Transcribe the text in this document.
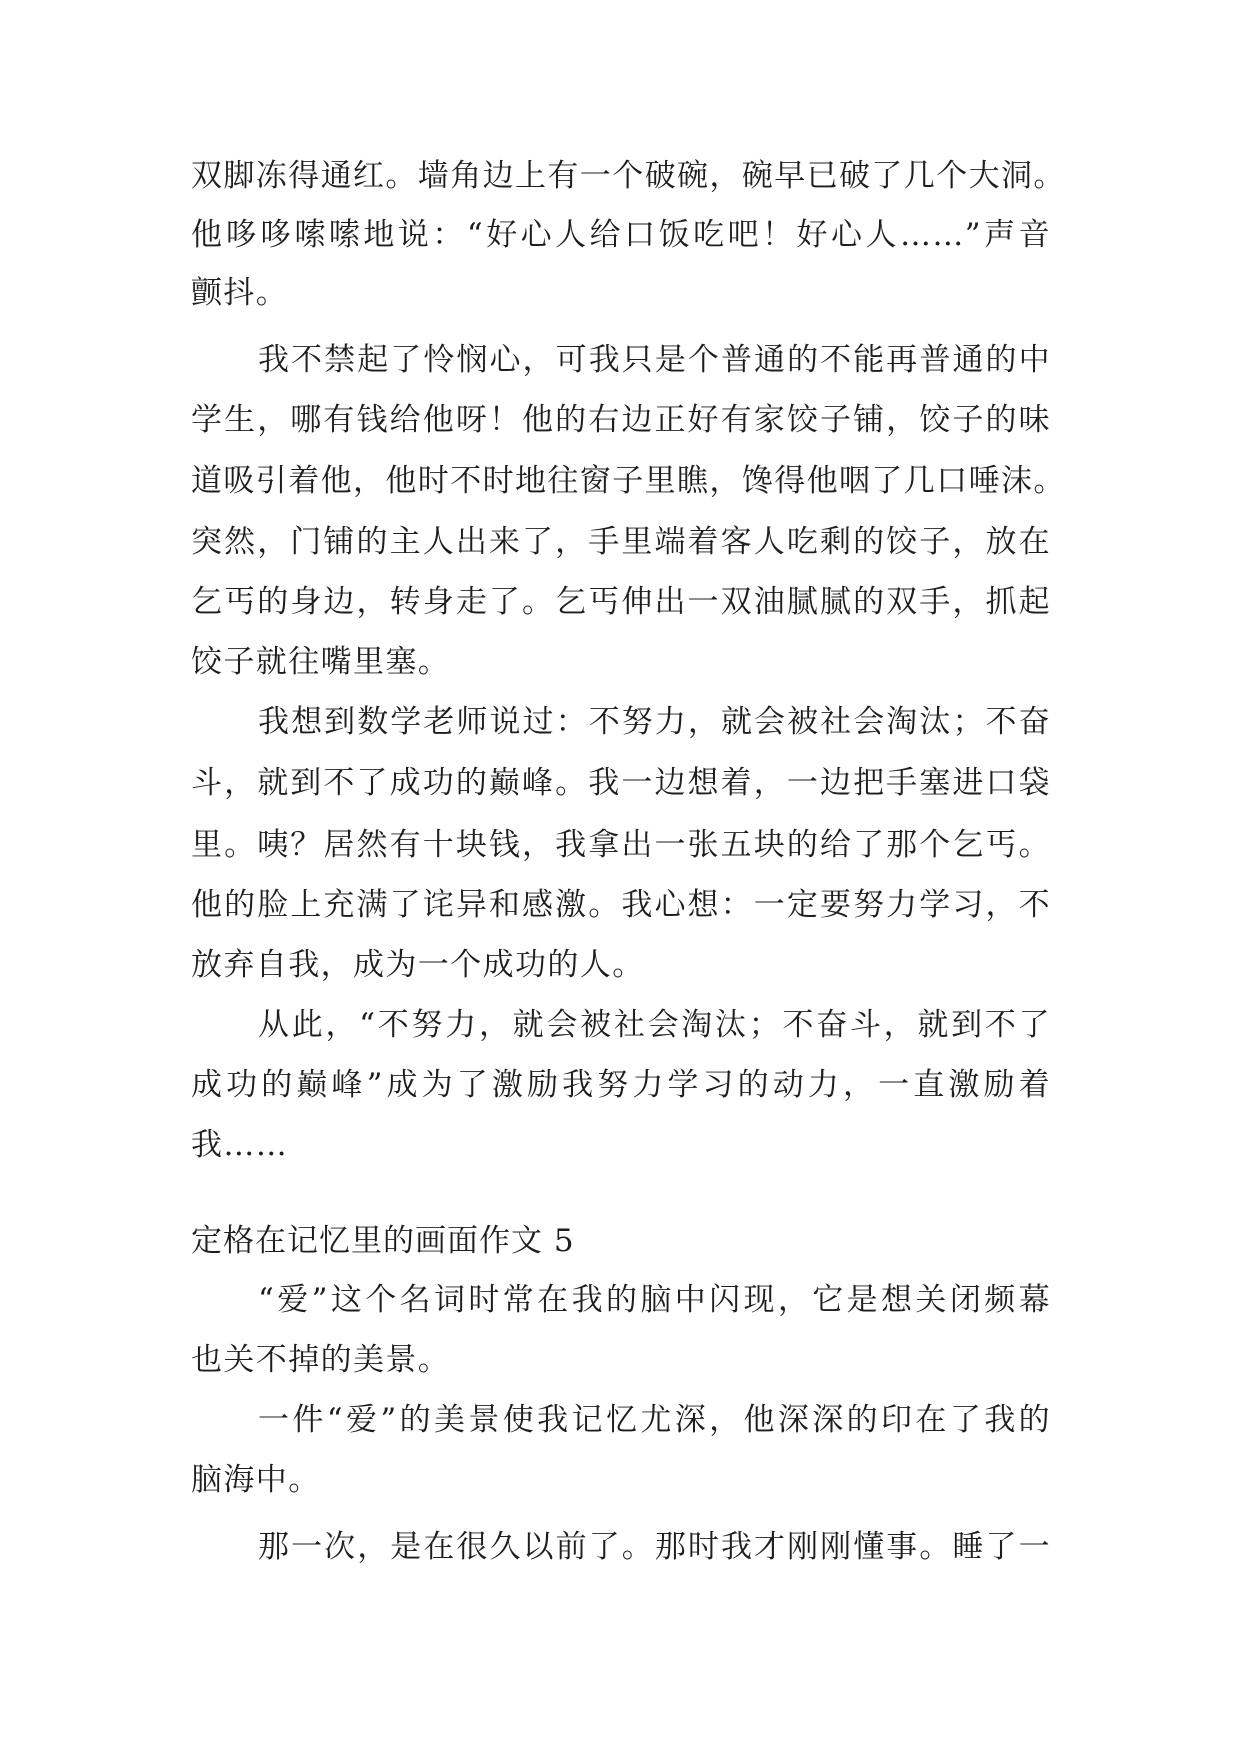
双脚冻得通红。墙角边上有一个破碗，碗早已破了几个大洞。

他哆哆嗦嗦地说：“好心人给口饭吃吧！好心人……”声音

颤抖。

我不禁起了怜悯心，可我只是个普通的不能再普通的中

学生，哪有钱给他呀！他的右边正好有家饺子铺，饺子的味

道吸引着他，他时不时地往窗子里瞧，馋得他咽了几口唾沫。

突然，门铺的主人出来了，手里端着客人吃剩的饺子，放在

乞丐的身边，转身走了。乞丐伸出一双油腻腻的双手，抓起

饺子就往嘴里塞。

我想到数学老师说过：不努力，就会被社会淘汰；不奋

斗，就到不了成功的巅峰。我一边想着，一边把手塞进口袋

里。咦？居然有十块钱，我拿出一张五块的给了那个乞丐。

他的脸上充满了诧异和感激。我心想：一定要努力学习，不

放弃自我，成为一个成功的人。

从此，“不努力，就会被社会淘汰；不奋斗，就到不了

成功的巅峰”成为了激励我努力学习的动力，一直激励着

我……

定格在记忆里的画面作文 5

“爱”这个名词时常在我的脑中闪现，它是想关闭频幕

也关不掉的美景。

一件“爱”的美景使我记忆尤深，他深深的印在了我的

脑海中。

那一次，是在很久以前了。那时我才刚刚懂事。睡了一
